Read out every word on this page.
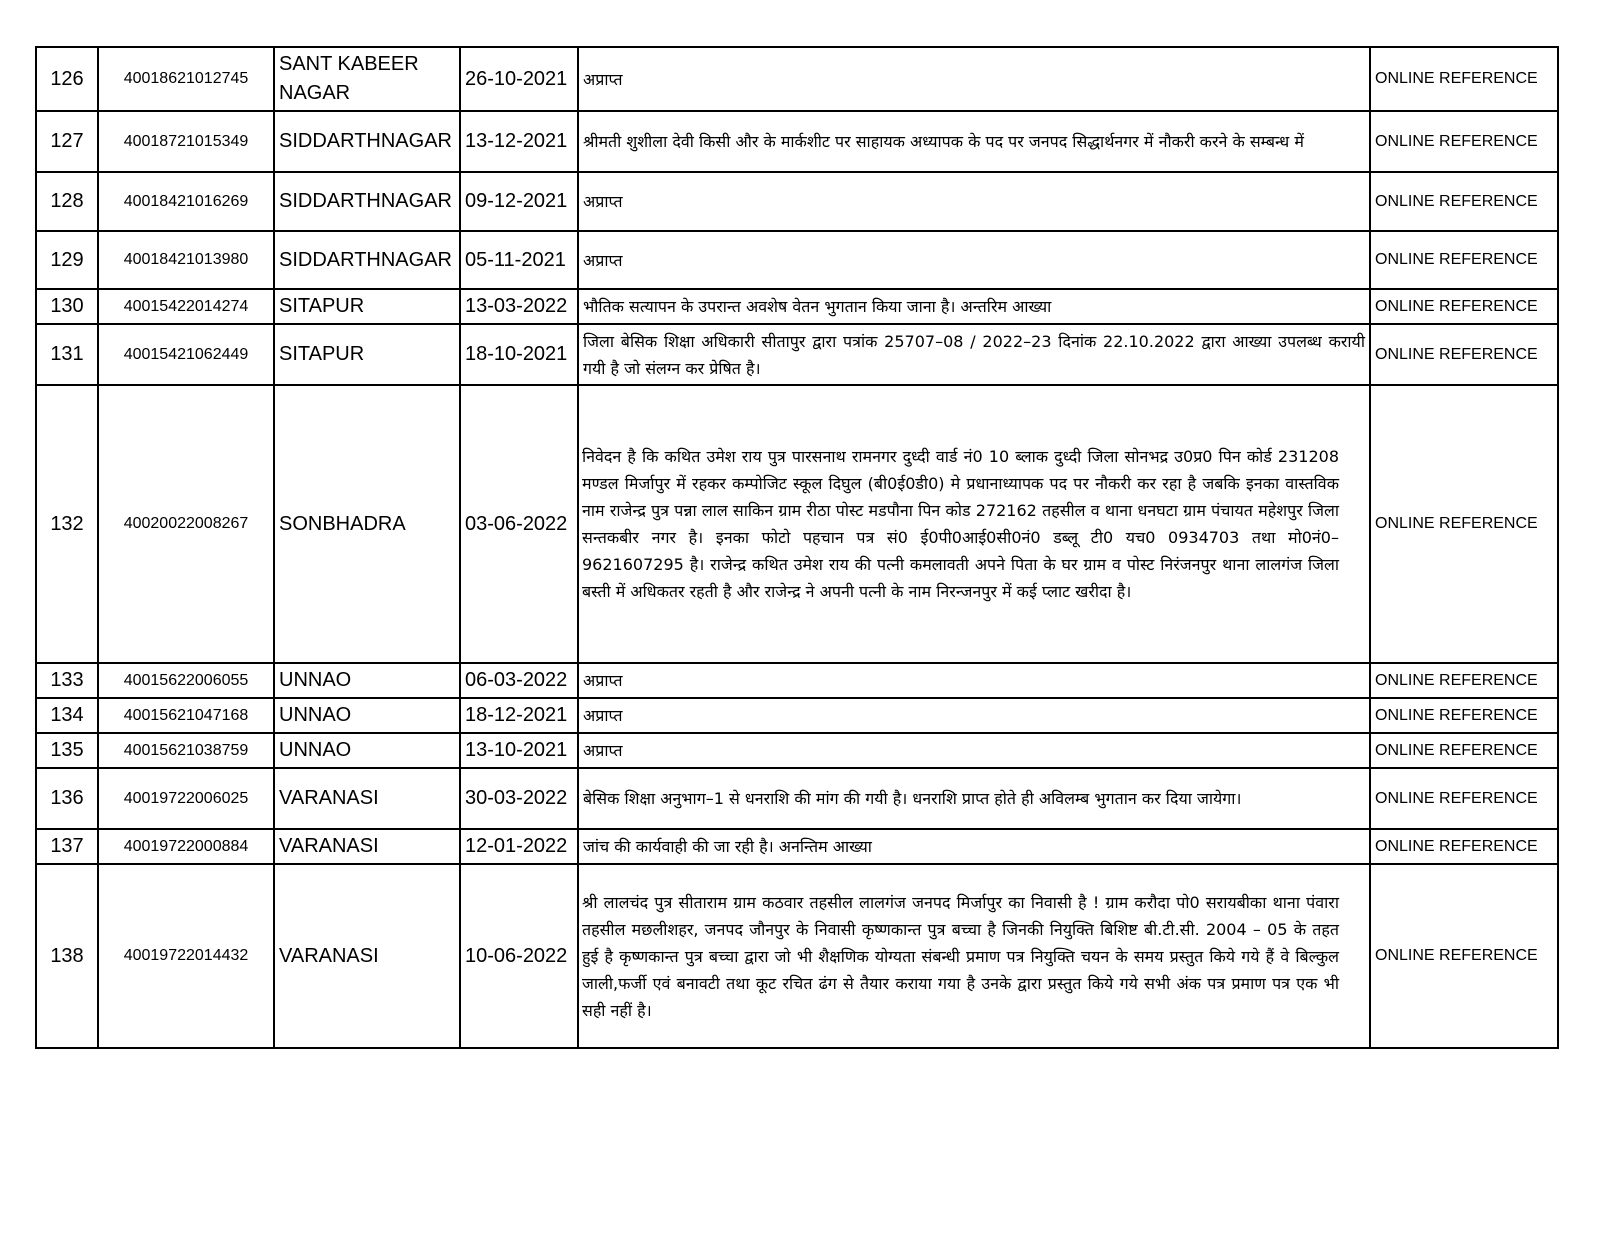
126	40018621012745	SANT KABEER NAGAR	26-10-2021	अप्राप्त	ONLINE REFERENCE
127	40018721015349	SIDDARTHNAGAR	13-12-2021	श्रीमती शुशीला देवी किसी और के मार्कशीट पर साहायक अध्यापक के पद पर जनपद सिद्धार्थनगर में नौकरी करने के सम्बन्ध में	ONLINE REFERENCE
128	40018421016269	SIDDARTHNAGAR	09-12-2021	अप्राप्त	ONLINE REFERENCE
129	40018421013980	SIDDARTHNAGAR	05-11-2021	अप्राप्त	ONLINE REFERENCE
130	40015422014274	SITAPUR	13-03-2022	भौतिक सत्यापन के उपरान्त अवशेष वेतन भुगतान किया जाना है। अन्तरिम आख्या	ONLINE REFERENCE
131	40015421062449	SITAPUR	18-10-2021	जिला बेसिक शिक्षा अधिकारी सीतापुर द्वारा पत्रांक 25707–08 / 2022–23 दिनांक 22.10.2022 द्वारा आख्या उपलब्ध करायी गयी है जो संलग्न कर प्रेषित है।	ONLINE REFERENCE
132	40020022008267	SONBHADRA	03-06-2022	निवेदन है कि कथित उमेश राय पुत्र पारसनाथ रामनगर दुध्दी वार्ड नं0 10 ब्लाक दुध्दी जिला सोनभद्र उ0प्र0 पिन कोर्ड 231208 मण्डल मिर्जापुर में रहकर कम्पोजिट स्कूल दिघुल (बी0ई0डी0) मे प्रधानाध्यापक पद पर नौकरी कर रहा है जबकि इनका वास्तविक नाम राजेन्द्र पुत्र पन्ना लाल साकिन ग्राम रीठा पोस्ट मडपौना पिन कोड 272162 तहसील व थाना धनघटा ग्राम पंचायत महेशपुर जिला सन्तकबीर नगर है। इनका फोटो पहचान पत्र सं0 ई0पी0आई0सी0नं0 डब्लू टी0 यच0 0934703 तथा मो0नं0– 9621607295 है। राजेन्द्र कथित उमेश राय की पत्नी कमलावती अपने पिता के घर ग्राम व पोस्ट निरंजनपुर थाना लालगंज जिला बस्ती में अधिकतर रहती है और राजेन्द्र ने अपनी पत्नी के नाम निरन्जनपुर में कई प्लाट खरीदा है।	ONLINE REFERENCE
133	40015622006055	UNNAO	06-03-2022	अप्राप्त	ONLINE REFERENCE
134	40015621047168	UNNAO	18-12-2021	अप्राप्त	ONLINE REFERENCE
135	40015621038759	UNNAO	13-10-2021	अप्राप्त	ONLINE REFERENCE
136	40019722006025	VARANASI	30-03-2022	बेसिक शिक्षा अनुभाग–1 से धनराशि की मांग की गयी है। धनराशि प्राप्त होते ही अविलम्ब भुगतान कर दिया जायेगा।	ONLINE REFERENCE
137	40019722000884	VARANASI	12-01-2022	जांच की कार्यवाही की जा रही है। अनन्तिम आख्या	ONLINE REFERENCE
138	40019722014432	VARANASI	10-06-2022	श्री लालचंद पुत्र सीताराम ग्राम कठवार तहसील लालगंज जनपद मिर्जापुर का निवासी है ! ग्राम करौदा पो0 सरायबीका थाना पंवारा तहसील मछलीशहर, जनपद जौनपुर के निवासी कृष्णकान्त पुत्र बच्चा है जिनकी नियुक्ति बिशिष्ट बी.टी.सी. 2004 – 05 के तहत हुई है कृष्णकान्त पुत्र बच्चा द्वारा जो भी शैक्षणिक योग्यता संबन्धी प्रमाण पत्र नियुक्ति चयन के समय प्रस्तुत किये गये हैं वे बिल्कुल जाली,फर्जी एवं बनावटी तथा कूट रचित ढंग से तैयार कराया गया है उनके द्वारा प्रस्तुत किये गये सभी अंक पत्र प्रमाण पत्र एक भी सही नहीं है।	ONLINE REFERENCE
